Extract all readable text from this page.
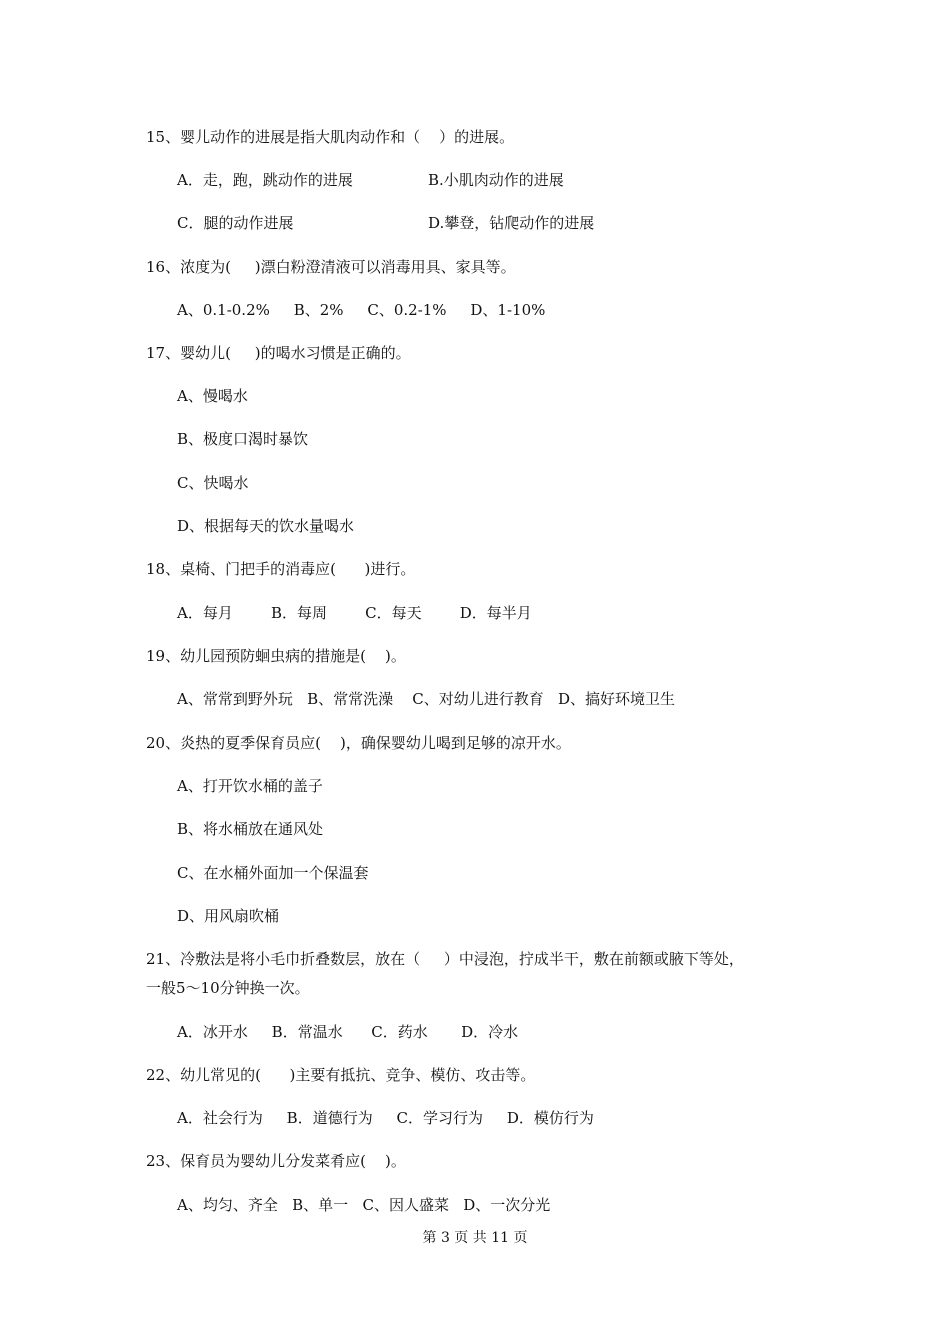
15、婴儿动作的进展是指大肌肉动作和（    ）的进展。
A．走，跑，跳动作的进展	B.小肌肉动作的进展
C．腿的动作进展	D.攀登，钻爬动作的进展
16、浓度为(     )漂白粉澄清液可以消毒用具、家具等。
A、0.1-0.2%     B、2%     C、0.2-1%     D、1-10%
17、婴幼儿(     )的喝水习惯是正确的。
A、慢喝水
B、极度口渴时暴饮
C、快喝水
D、根据每天的饮水量喝水
18、桌椅、门把手的消毒应(      )进行。
A．每月        B．每周        C．每天        D．每半月
19、幼儿园预防蛔虫病的措施是(    )。
A、常常到野外玩   B、常常洗澡    C、对幼儿进行教育   D、搞好环境卫生
20、炎热的夏季保育员应(    )，确保婴幼儿喝到足够的凉开水。
A、打开饮水桶的盖子
B、将水桶放在通风处
C、在水桶外面加一个保温套
D、用风扇吹桶
21、冷敷法是将小毛巾折叠数层，放在（     ）中浸泡，拧成半干，敷在前额或腋下等处，
一般5～10分钟换一次。
A．冰开水     B．常温水      C．药水       D．冷水
22、幼儿常见的(      )主要有抵抗、竞争、模仿、攻击等。
A．社会行为     B．道德行为     C．学习行为     D．模仿行为
23、保育员为婴幼儿分发菜肴应(    )。
A、均匀、齐全   B、单一   C、因人盛菜   D、一次分光
第 3 页 共 11 页
